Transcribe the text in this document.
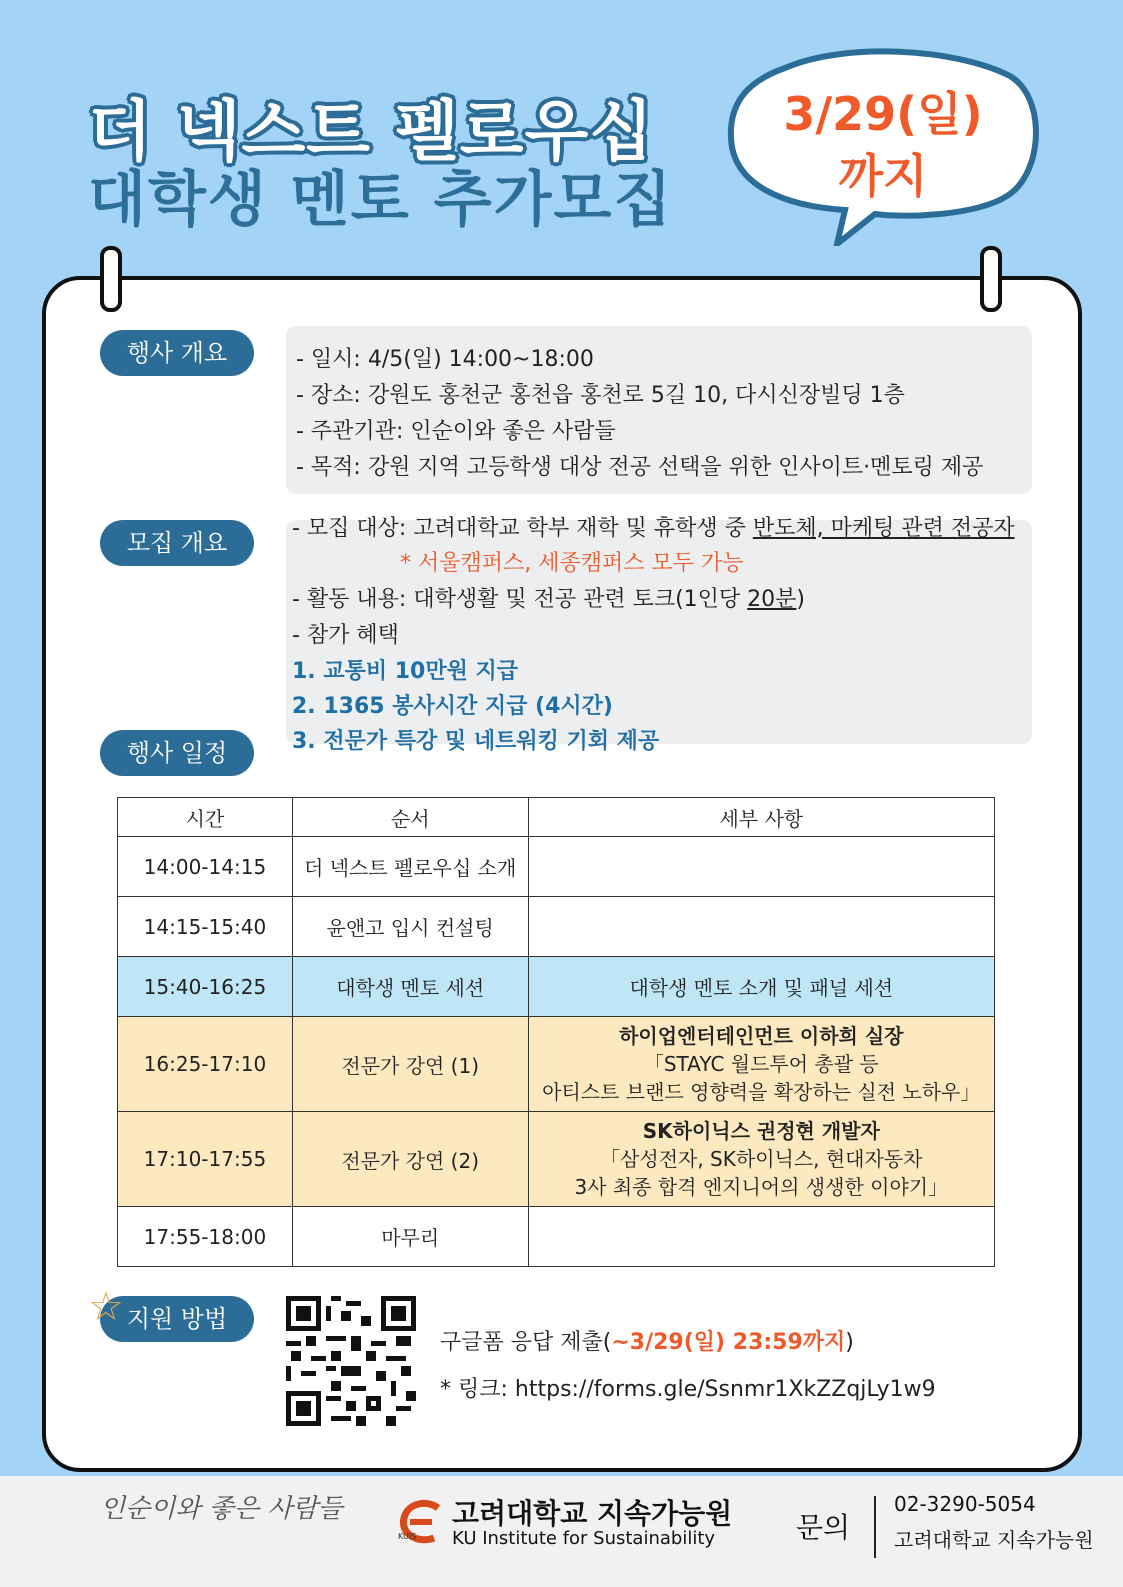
더 넥스트 펠로우십
대학생 멘토 추가모집
3/29(일)
까지
행사 개요	- 일시: 4/5(일) 14:00~18:00
- 장소: 강원도 홍천군 홍천읍 홍천로 5길 10, 다시신장빌딩 1층
- 주관기관: 인순이와 좋은 사람들
- 목적: 강원 지역 고등학생 대상 전공 선택을 위한 인사이트·멘토링 제공
모집 개요
- 모집 대상: 고려대학교 학부 재학 및 휴학생 중 반도체, 마케팅 관련 전공자
* 서울캠퍼스, 세종캠퍼스 모두 가능
- 활동 내용: 대학생활 및 전공 관련 토크(1인당 20분)
- 참가 혜택
1. 교통비 10만원 지급
2. 1365 봉사시간 지급 (4시간)
3. 전문가 특강 및 네트워킹 기회 제공
행사 일정
시간	순서	세부 사항
14:00-14:15	더 넥스트 펠로우십 소개	
14:15-15:40	윤앤고 입시 컨설팅	
15:40-16:25	대학생 멘토 세션	대학생 멘토 소개 및 패널 세션
16:25-17:10	전문가 강연 (1)	하이업엔터테인먼트 이하희 실장
「STAYC 월드투어 총괄 등
아티스트 브랜드 영향력을 확장하는 실전 노하우」

17:10-17:55	전문가 강연 (2)	SK하이닉스 권정현 개발자
「삼성전자, SK하이닉스, 현대자동차
3사 최종 합격 엔지니어의 생생한 이야기」

17:55-18:00	마무리	
지원 방법
☆
구글폼 응답 제출(~3/29(일) 23:59까지)
* 링크: https://forms.gle/Ssnmr1XkZZqjLy1w9
인순이와 좋은 사람들
KUIS
고려대학교 지속가능원
KU Institute for Sustainability	문의
02-3290-5054
고려대학교 지속가능원
